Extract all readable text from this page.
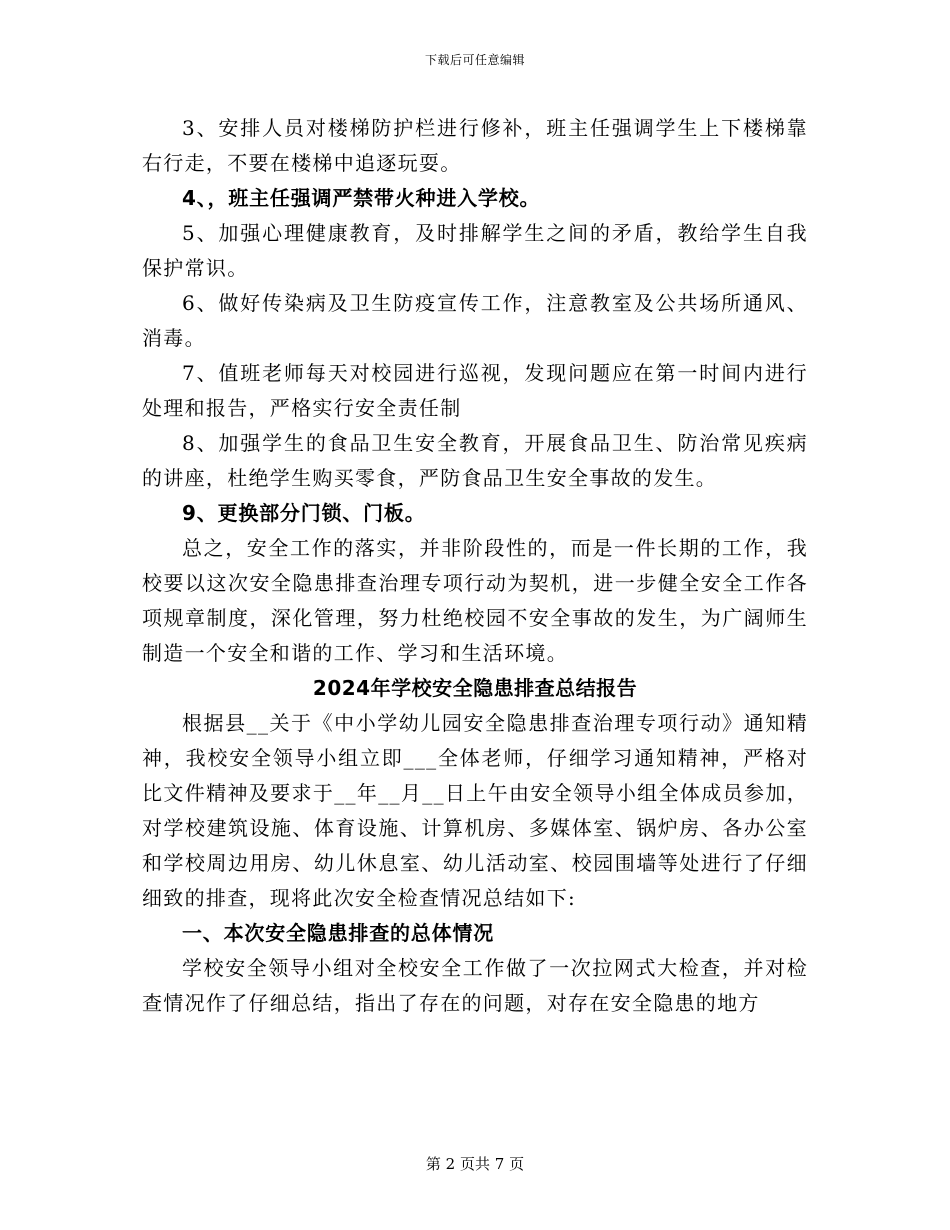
下载后可任意编辑

3、安排人员对楼梯防护栏进行修补，班主任强调学生上下楼梯靠右行走，不要在楼梯中追逐玩耍。

4、，班主任强调严禁带火种进入学校。

5、加强心理健康教育，及时排解学生之间的矛盾，教给学生自我保护常识。

6、做好传染病及卫生防疫宣传工作，注意教室及公共场所通风、消毒。

7、值班老师每天对校园进行巡视，发现问题应在第一时间内进行处理和报告，严格实行安全责任制

8、加强学生的食品卫生安全教育，开展食品卫生、防治常见疾病的讲座，杜绝学生购买零食，严防食品卫生安全事故的发生。

9、更换部分门锁、门板。

总之，安全工作的落实，并非阶段性的，而是一件长期的工作，我校要以这次安全隐患排查治理专项行动为契机，进一步健全安全工作各项规章制度，深化管理，努力杜绝校园不安全事故的发生，为广阔师生制造一个安全和谐的工作、学习和生活环境。

2024年学校安全隐患排查总结报告

根据县__关于《中小学幼儿园安全隐患排查治理专项行动》通知精神，我校安全领导小组立即___全体老师，仔细学习通知精神，严格对比文件精神及要求于__年__月__日上午由安全领导小组全体成员参加，对学校建筑设施、体育设施、计算机房、多媒体室、锅炉房、各办公室和学校周边用房、幼儿休息室、幼儿活动室、校园围墙等处进行了仔细细致的排查，现将此次安全检查情况总结如下:

一、本次安全隐患排查的总体情况

学校安全领导小组对全校安全工作做了一次拉网式大检查，并对检查情况作了仔细总结，指出了存在的问题，对存在安全隐患的地方

第 2 页共 7 页
